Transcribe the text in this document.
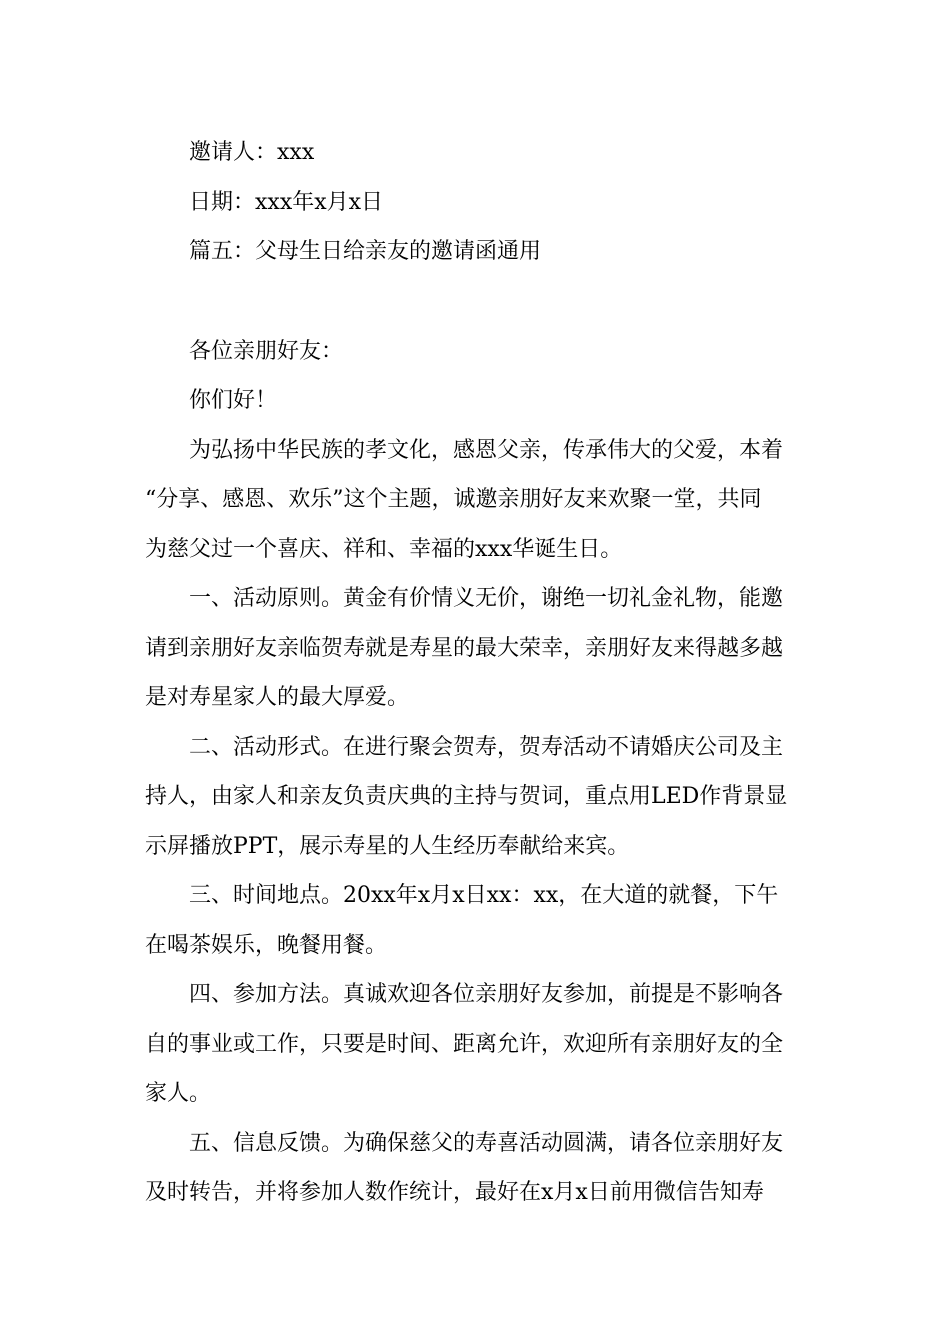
邀请人：xxx

日期：xxx年x月x日

篇五：父母生日给亲友的邀请函通用

各位亲朋好友：

你们好！

为弘扬中华民族的孝文化，感恩父亲，传承伟大的父爱，本着

“分享、感恩、欢乐”这个主题，诚邀亲朋好友来欢聚一堂，共同

为慈父过一个喜庆、祥和、幸福的xxx华诞生日。

一、活动原则。黄金有价情义无价，谢绝一切礼金礼物，能邀

请到亲朋好友亲临贺寿就是寿星的最大荣幸，亲朋好友来得越多越

是对寿星家人的最大厚爱。

二、活动形式。在进行聚会贺寿，贺寿活动不请婚庆公司及主

持人，由家人和亲友负责庆典的主持与贺词，重点用LED作背景显

示屏播放PPT，展示寿星的人生经历奉献给来宾。

三、时间地点。20xx年x月x日xx：xx，在大道的就餐，下午

在喝茶娱乐，晚餐用餐。

四、参加方法。真诚欢迎各位亲朋好友参加，前提是不影响各

自的事业或工作，只要是时间、距离允许，欢迎所有亲朋好友的全

家人。

五、信息反馈。为确保慈父的寿喜活动圆满，请各位亲朋好友

及时转告，并将参加人数作统计，最好在x月x日前用微信告知寿
